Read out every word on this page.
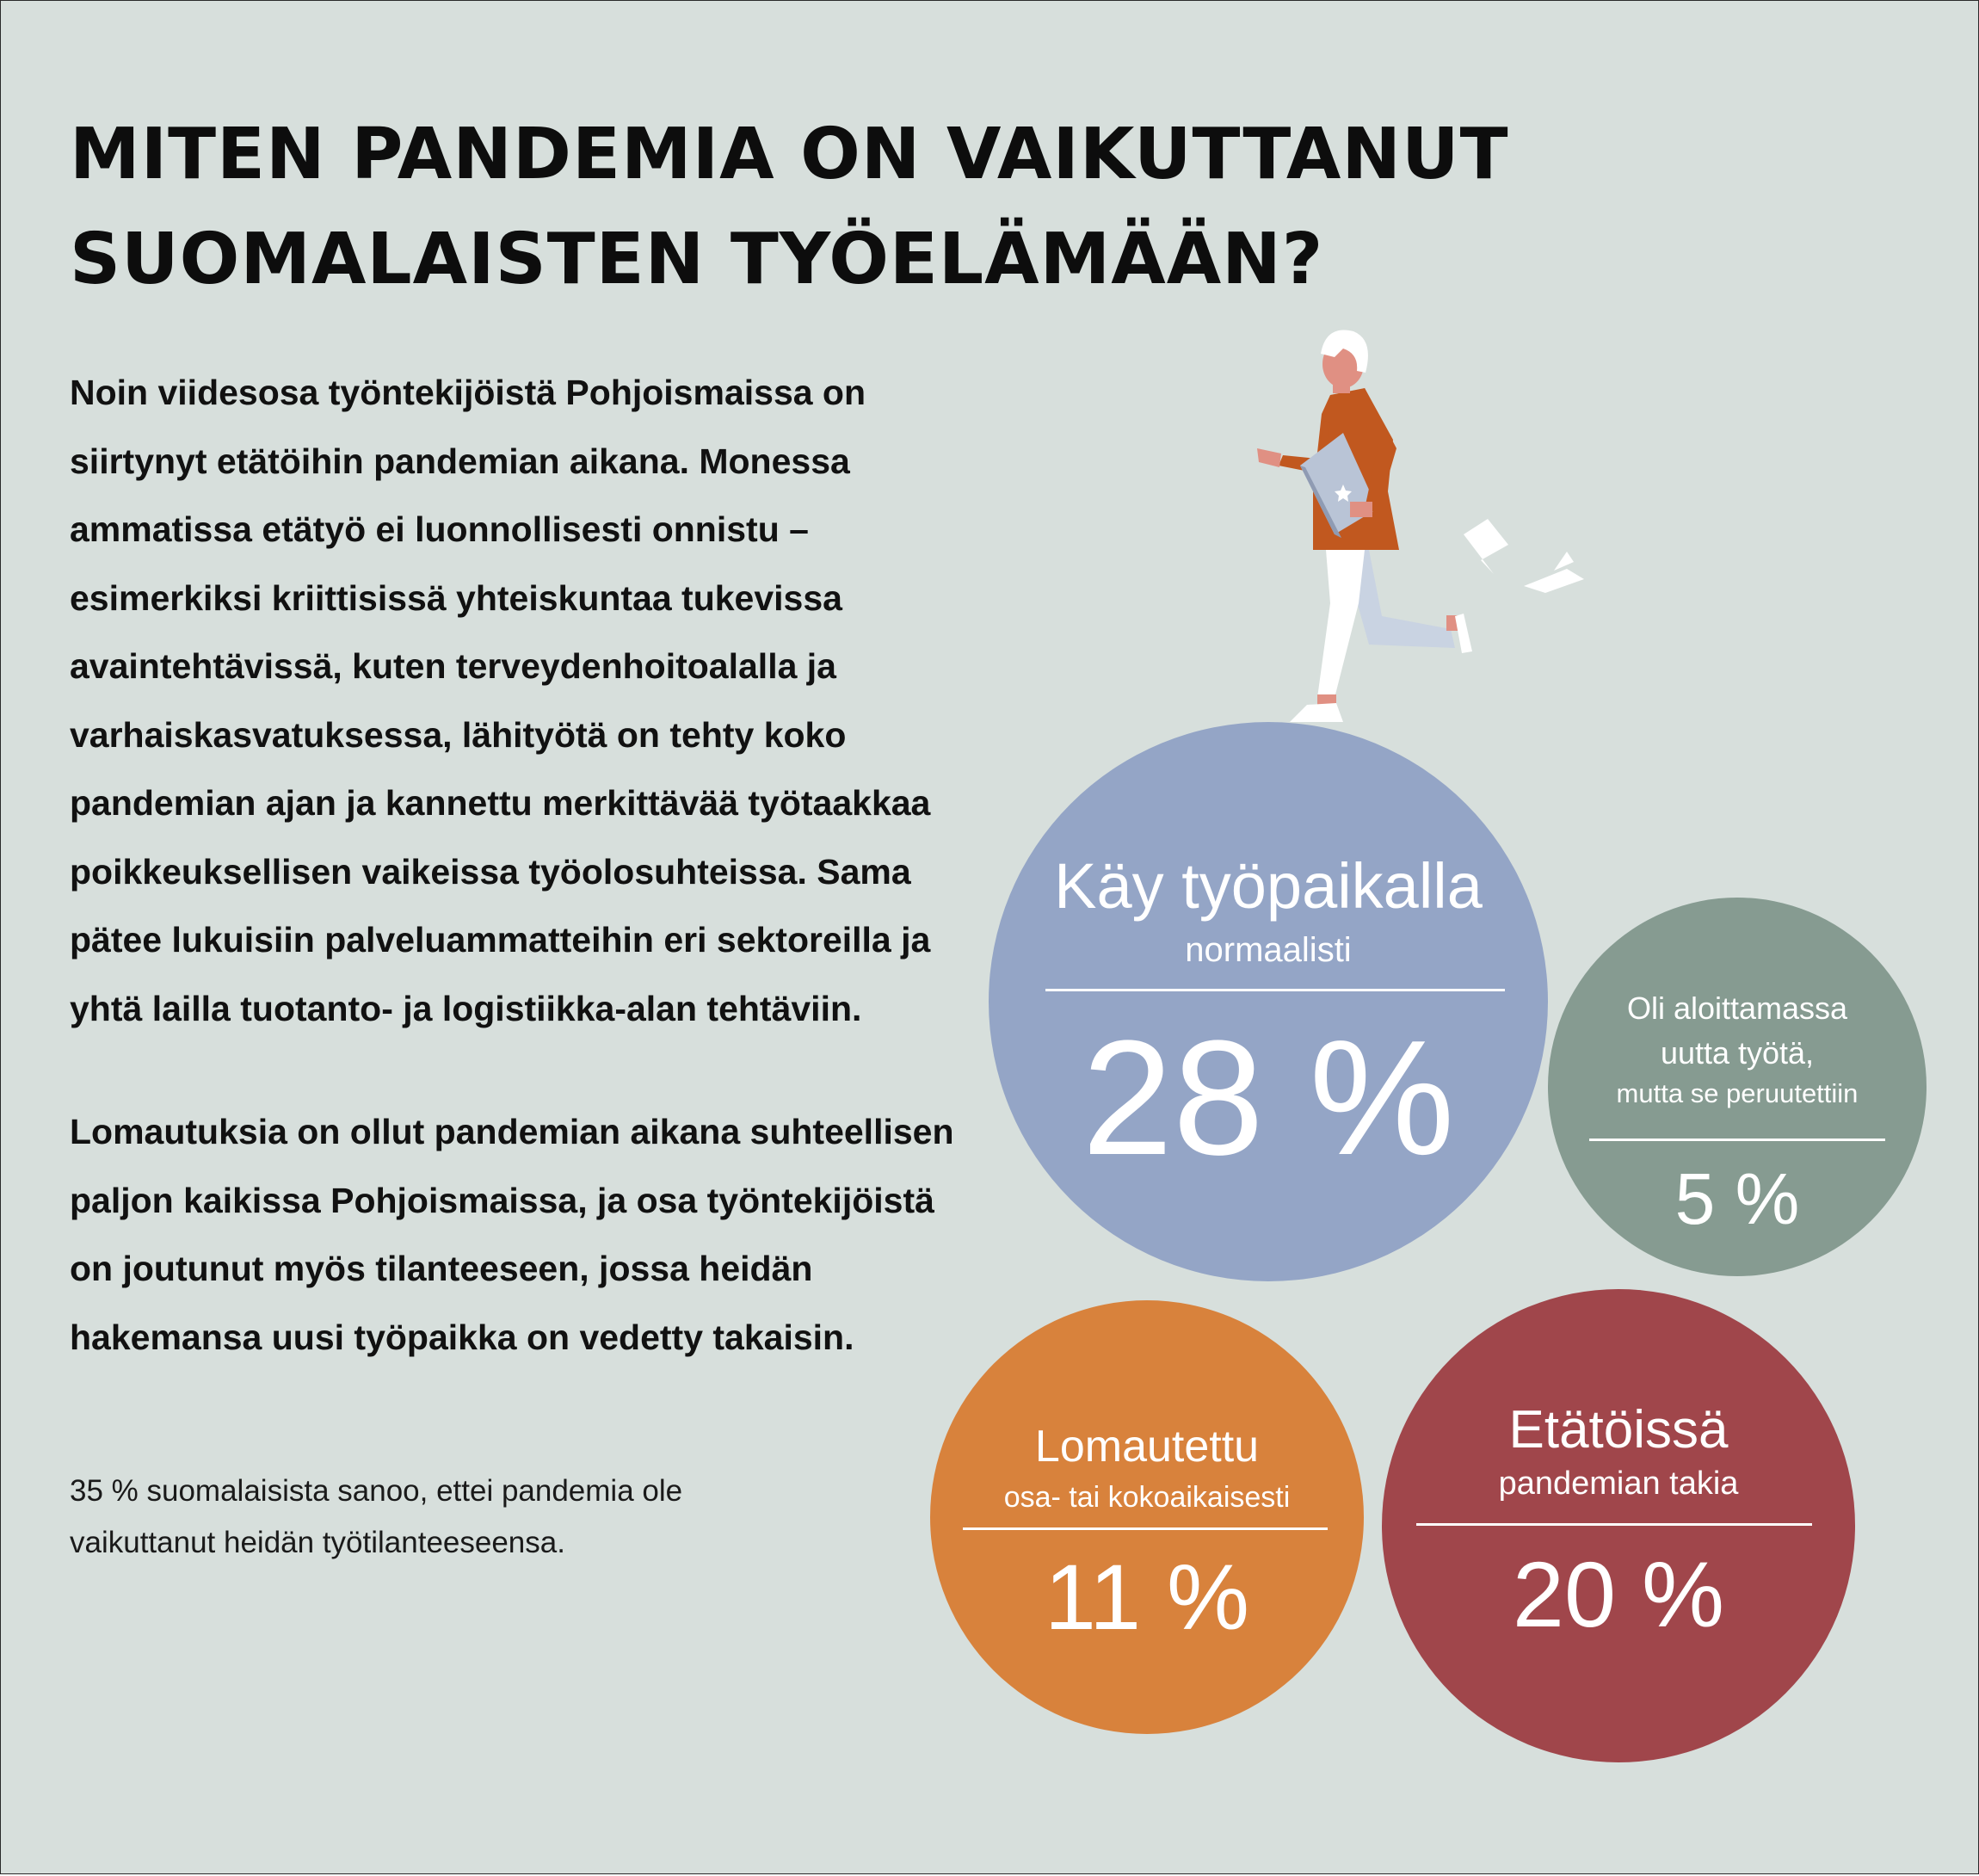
MITEN PANDEMIA ON VAIKUTTANUT
SUOMALAISTEN TYÖELÄMÄÄN?
Noin viidesosa työntekijöistä Pohjoismaissa on
siirtynyt etätöihin pandemian aikana. Monessa
ammatissa etätyö ei luonnollisesti onnistu –
esimerkiksi kriittisissä yhteiskuntaa tukevissa
avaintehtävissä, kuten terveydenhoitoalalla ja
varhaiskasvatuksessa, lähityötä on tehty koko
pandemian ajan ja kannettu merkittävää työtaakkaa
poikkeuksellisen vaikeissa työolosuhteissa. Sama
pätee lukuisiin palveluammatteihin eri sektoreilla ja
yhtä lailla tuotanto- ja logistiikka-alan tehtäviin.
Lomautuksia on ollut pandemian aikana suhteellisen
paljon kaikissa Pohjoismaissa, ja osa työntekijöistä
on joutunut myös tilanteeseen, jossa heidän
hakemansa uusi työpaikka on vedetty takaisin.
35 % suomalaisista sanoo, ettei pandemia ole
vaikuttanut heidän työtilanteeseensa.
Käy työpaikalla
normaalisti
28 %	Oli aloittamassa
uutta työtä,
mutta se peruutettiin
5 %
Lomautettu
osa- tai kokoaikaisesti
11 %
Etätöissä
pandemian takia
20 %
